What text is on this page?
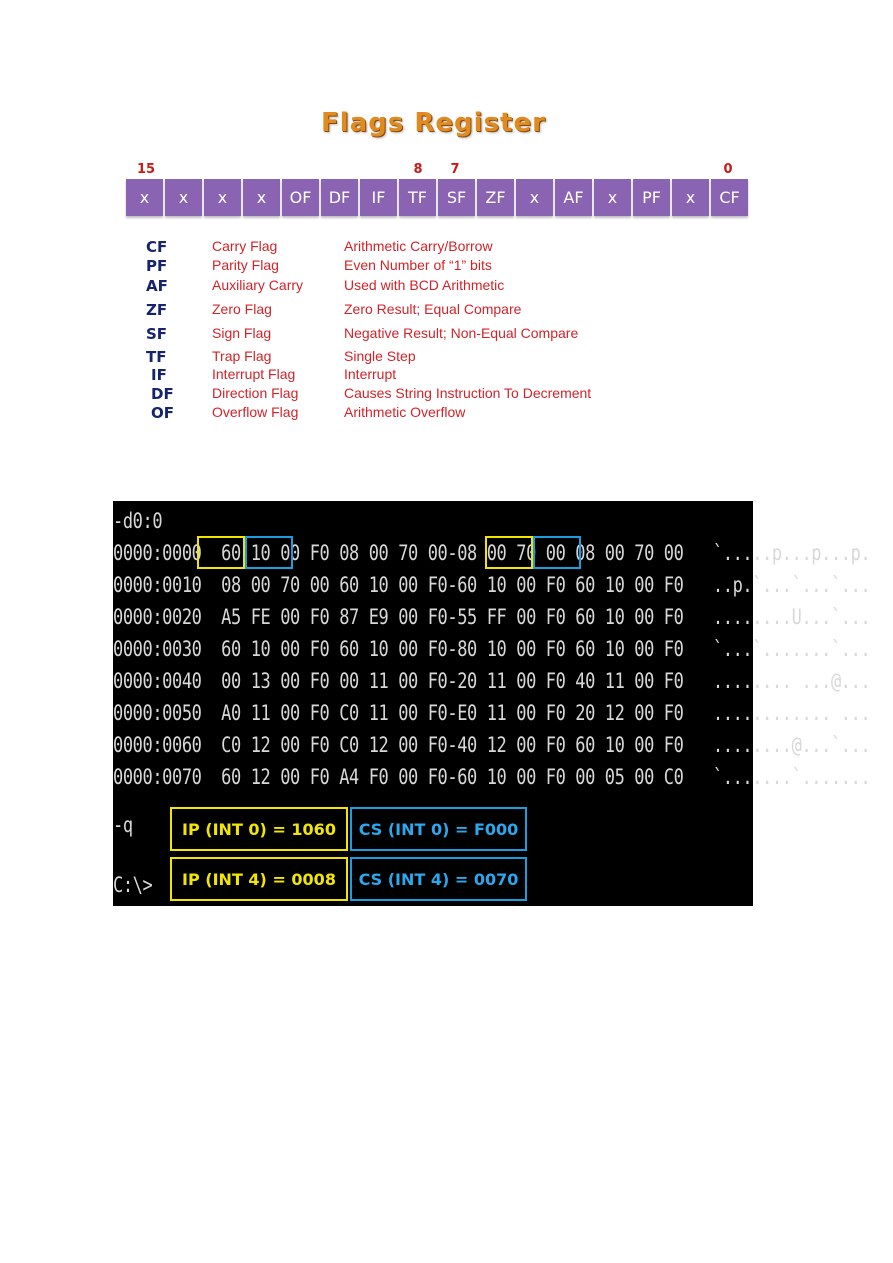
Flags Register
15	8 7	0
x	x	x	x	OF	DF	IF	TF	SF	ZF	x	AF	x	PF	x	CF
CF	Carry Flag	Arithmetic Carry/Borrow
PF	Parity Flag	Even Number of “1” bits
AF	Auxiliary Carry	Used with BCD Arithmetic
ZF	Zero Flag	Zero Result; Equal Compare
SF	Sign Flag	Negative Result; Non-Equal Compare
TF	Trap Flag	Single Step
IF	Interrupt Flag	Interrupt
DF	Direction Flag	Causes String Instruction To Decrement
OF	Overflow Flag	Arithmetic Overflow
-d0:0
0000:0000  60 10 00 F0 08 00 70 00-08 00 70 00 08 00 70 00   `.....p...p...p.
0000:0010  08 00 70 00 60 10 00 F0-60 10 00 F0 60 10 00 F0   ..p.`...`...`...
0000:0020  A5 FE 00 F0 87 E9 00 F0-55 FF 00 F0 60 10 00 F0   ........U...`...
0000:0030  60 10 00 F0 60 10 00 F0-80 10 00 F0 60 10 00 F0   `...`.......`...
0000:0040  00 13 00 F0 00 11 00 F0-20 11 00 F0 40 11 00 F0   ........ ...@...
0000:0050  A0 11 00 F0 C0 11 00 F0-E0 11 00 F0 20 12 00 F0   ............ ...
0000:0060  C0 12 00 F0 C0 12 00 F0-40 12 00 F0 60 10 00 F0   ........@...`...
0000:0070  60 12 00 F0 A4 F0 00 F0-60 10 00 F0 00 05 00 C0   `.......`.......
-q
C:\>
IP (INT 0) = 1060	CS (INT 0) = F000
IP (INT 4) = 0008	CS (INT 4) = 0070
